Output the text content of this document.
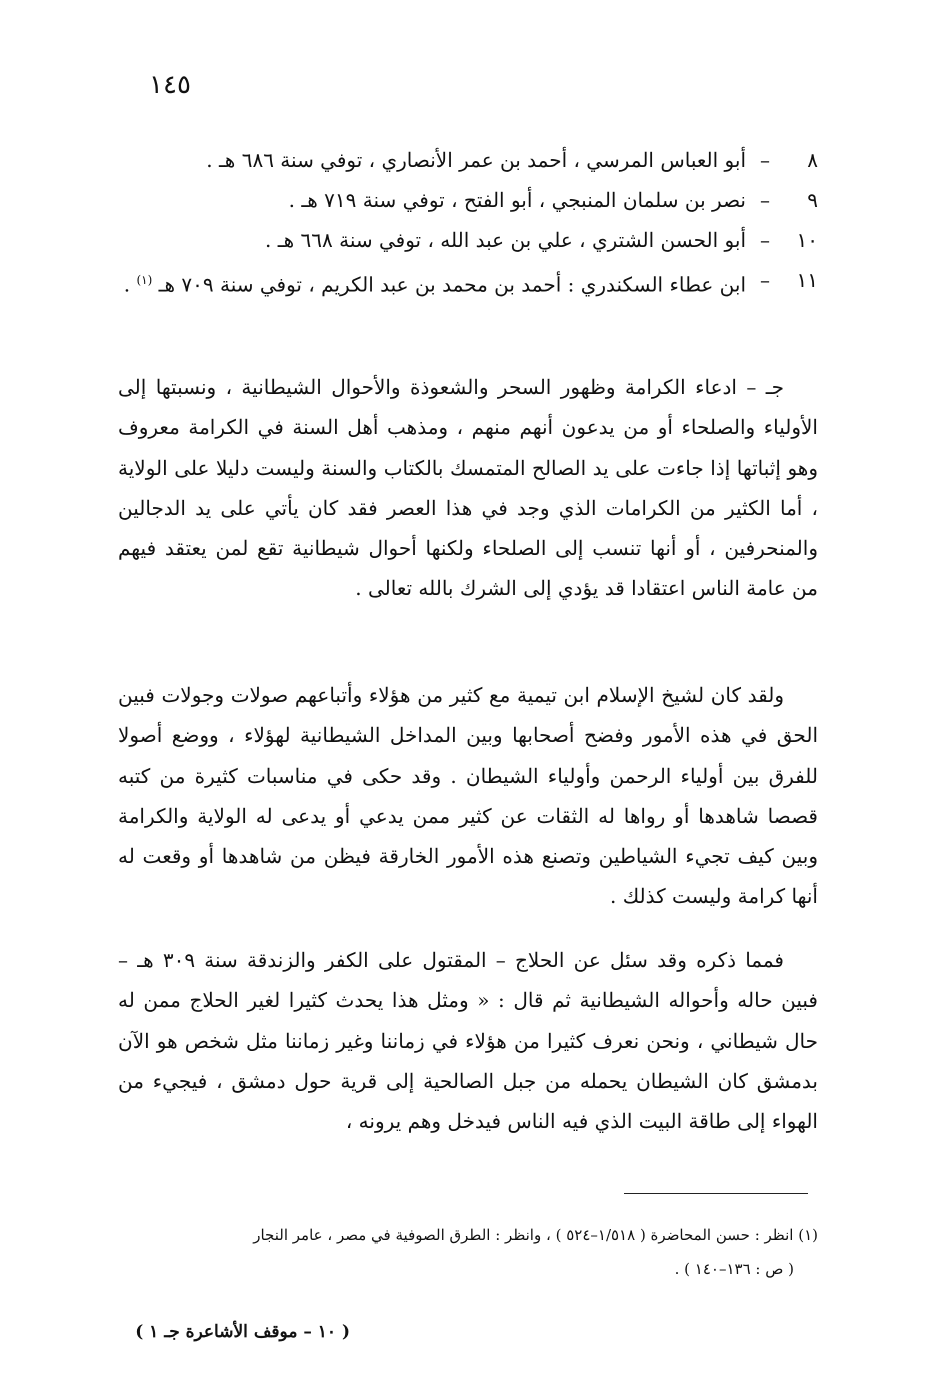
١٤٥
٨
–
أبو العباس المرسي ، أحمد بن عمر الأنصاري ، توفي سنة ٦٨٦ هـ .
٩
–
نصر بن سلمان المنبجي ، أبو الفتح ، توفي سنة ٧١٩ هـ .
١٠
–
أبو الحسن الشتري ، علي بن عبد الله ، توفي سنة ٦٦٨ هـ .
١١
–
ابن عطاء السكندري : أحمد بن محمد بن عبد الكريم ، توفي سنة ٧٠٩ هـ $^{(١)}$ .

جـ – ادعاء الكرامة وظهور السحر والشعوذة والأحوال الشيطانية ، ونسبتها إلى الأولياء والصلحاء أو من يدعون أنهم منهم ، ومذهب أهل السنة في الكرامة معروف وهو إثباتها إذا جاءت على يد الصالح المتمسك بالكتاب والسنة وليست دليلا على الولاية ، أما الكثير من الكرامات الذي وجد في هذا العصر فقد كان يأتي على يد الدجالين والمنحرفين ، أو أنها تنسب إلى الصلحاء ولكنها أحوال شيطانية تقع لمن يعتقد فيهم من عامة الناس اعتقادا قد يؤدي إلى الشرك بالله تعالى .

ولقد كان لشيخ الإسلام ابن تيمية مع كثير من هؤلاء وأتباعهم صولات وجولات فبين الحق في هذه الأمور وفضح أصحابها وبين المداخل الشيطانية لهؤلاء ، ووضع أصولا للفرق بين أولياء الرحمن وأولياء الشيطان . وقد حكى في مناسبات كثيرة من كتبه قصصا شاهدها أو رواها له الثقات عن كثير ممن يدعي أو يدعى له الولاية والكرامة وبين كيف تجيء الشياطين وتصنع هذه الأمور الخارقة فيظن من شاهدها أو وقعت له أنها كرامة وليست كذلك .

فمما ذكره وقد سئل عن الحلاج – المقتول على الكفر والزندقة سنة ٣٠٩ هـ – فبين حاله وأحواله الشيطانية ثم قال : « ومثل هذا يحدث كثيرا لغير الحلاج ممن له حال شيطاني ، ونحن نعرف كثيرا من هؤلاء في زماننا وغير زماننا مثل شخص هو الآن بدمشق كان الشيطان يحمله من جبل الصالحية إلى قرية حول دمشق ، فيجيء من الهواء إلى طاقة البيت الذي فيه الناس فيدخل وهم يرونه ،

(١) انظر : حسن المحاضرة ( ١/٥١٨–٥٢٤ ) ، وانظر : الطرق الصوفية في مصر ، عامر النجار
( ص : ١٣٦–١٤٠ ) .
( ١٠ – موقف الأشاعرة جـ ١ )
